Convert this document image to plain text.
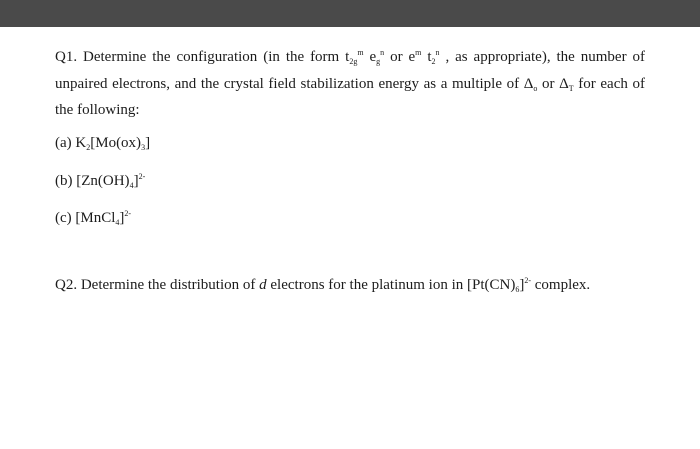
Q1. Determine the configuration (in the form $t_{2g}^m$ $e_g^n$ or $e^m$ $t_2^n$ , as appropriate), the number of unpaired electrons, and the crystal field stabilization energy as a multiple of $\Delta_o$ or $\Delta_T$ for each of the following:
(a) $K_2[Mo(ox)_3]$
(b) $[Zn(OH)_4]^{2-}$
(c) [MnCl$_4$]$^{2-}$
Q2. Determine the distribution of d electrons for the platinum ion in $[Pt(CN)_6]^{2-}$ complex.
